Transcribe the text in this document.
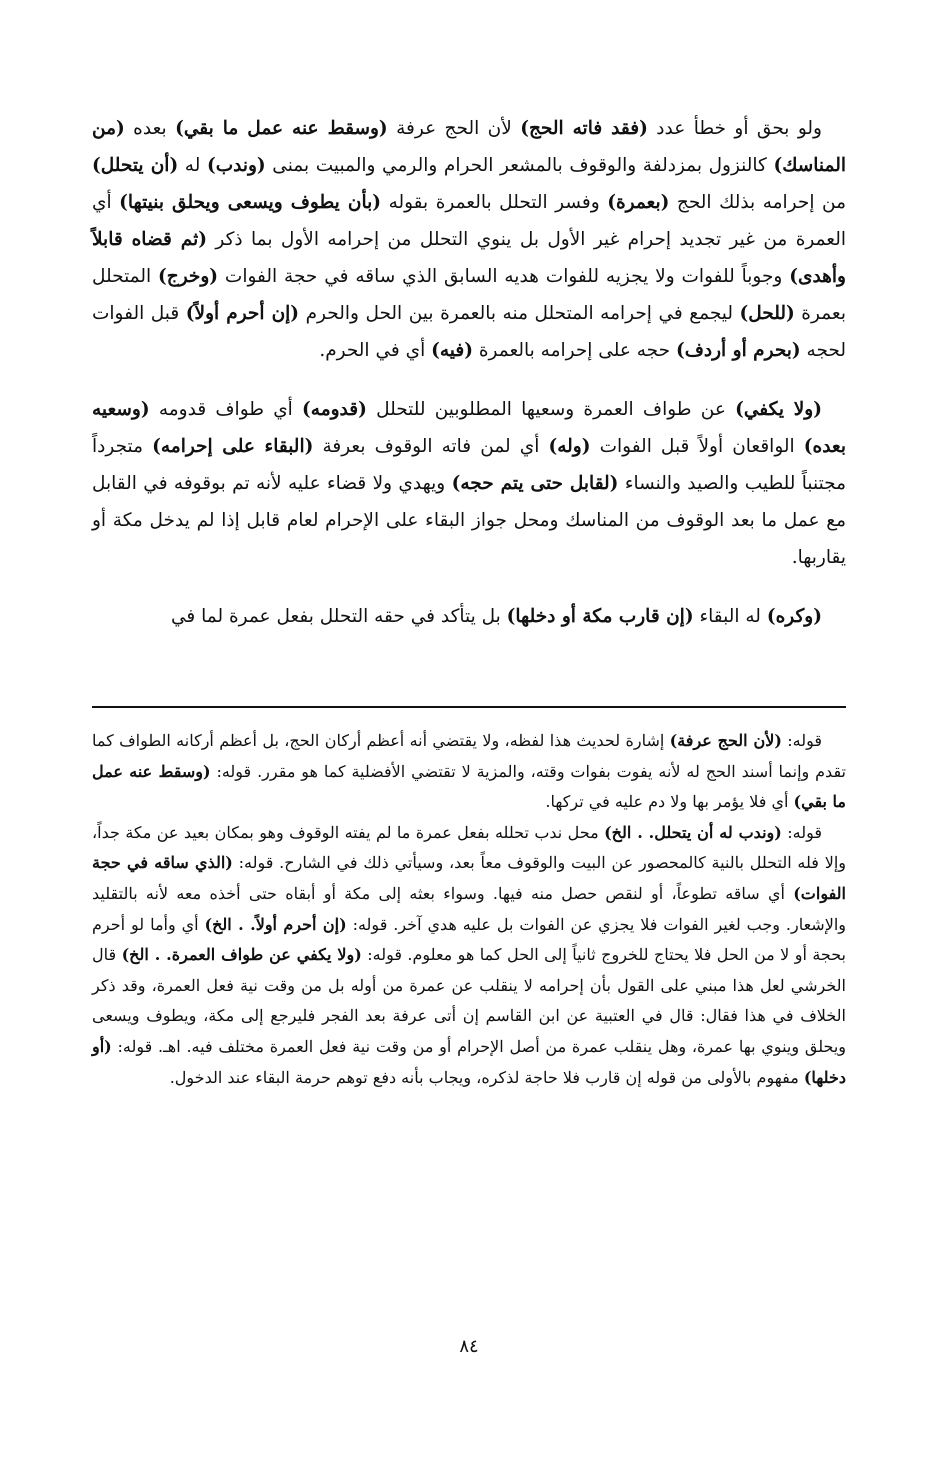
ولو بحق أو خطأ عدد (فقد فاته الحج) لأن الحج عرفة (وسقط عنه عمل ما بقي) بعده (من المناسك) كالنزول بمزدلفة والوقوف بالمشعر الحرام والرمي والمبيت بمنى (وندب) له (أن يتحلل) من إحرامه بذلك الحج (بعمرة) وفسر التحلل بالعمرة بقوله (بأن يطوف ويسعى ويحلق بنيتها) أي العمرة من غير تجديد إحرام غير الأول بل ينوي التحلل من إحرامه الأول بما ذكر (ثم قضاه قابلاً وأهدى) وجوباً للفوات ولا يجزيه للفوات هديه السابق الذي ساقه في حجة الفوات (وخرج) المتحلل بعمرة (للحل) ليجمع في إحرامه المتحلل منه بالعمرة بين الحل والحرم (إن أحرم أولاً) قبل الفوات لحجه (بحرم أو أردف) حجه على إحرامه بالعمرة (فيه) أي في الحرم.

(ولا يكفي) عن طواف العمرة وسعيها المطلوبين للتحلل (قدومه) أي طواف قدومه (وسعيه بعده) الواقعان أولاً قبل الفوات (وله) أي لمن فاته الوقوف بعرفة (البقاء على إحرامه) متجرداً مجتنباً للطيب والصيد والنساء (لقابل حتى يتم حجه) ويهدي ولا قضاء عليه لأنه تم بوقوفه في القابل مع عمل ما بعد الوقوف من المناسك ومحل جواز البقاء على الإحرام لعام قابل إذا لم يدخل مكة أو يقاربها.

(وكره) له البقاء (إن قارب مكة أو دخلها) بل يتأكد في حقه التحلل بفعل عمرة لما في

قوله: (لأن الحج عرفة) إشارة لحديث هذا لفظه، ولا يقتضي أنه أعظم أركان الحج، بل أعظم أركانه الطواف كما تقدم وإنما أسند الحج له لأنه يفوت بفوات وقته، والمزية لا تقتضي الأفضلية كما هو مقرر. قوله: (وسقط عنه عمل ما بقي) أي فلا يؤمر بها ولا دم عليه في تركها.

قوله: (وندب له أن يتحلل. . الخ) محل ندب تحلله بفعل عمرة ما لم يفته الوقوف وهو بمكان بعيد عن مكة جداً، وإلا فله التحلل بالنية كالمحصور عن البيت والوقوف معاً بعد، وسيأتي ذلك في الشارح. قوله: (الذي ساقه في حجة الفوات) أي ساقه تطوعاً، أو لنقص حصل منه فيها. وسواء بعثه إلى مكة أو أبقاه حتى أخذه معه لأنه بالتقليد والإشعار. وجب لغير الفوات فلا يجزي عن الفوات بل عليه هدي آخر. قوله: (إن أحرم أولاً. . الخ) أي وأما لو أحرم بحجة أو لا من الحل فلا يحتاج للخروج ثانياً إلى الحل كما هو معلوم. قوله: (ولا يكفي عن طواف العمرة. . الخ) قال الخرشي لعل هذا مبني على القول بأن إحرامه لا ينقلب عن عمرة من أوله بل من وقت نية فعل العمرة، وقد ذكر الخلاف في هذا فقال: قال في العتبية عن ابن القاسم إن أتى عرفة بعد الفجر فليرجع إلى مكة، ويطوف ويسعى ويحلق وينوي بها عمرة، وهل ينقلب عمرة من أصل الإحرام أو من وقت نية فعل العمرة مختلف فيه. اهـ. قوله: (أو دخلها) مفهوم بالأولى من قوله إن قارب فلا حاجة لذكره، ويجاب بأنه دفع توهم حرمة البقاء عند الدخول.

٨٤
